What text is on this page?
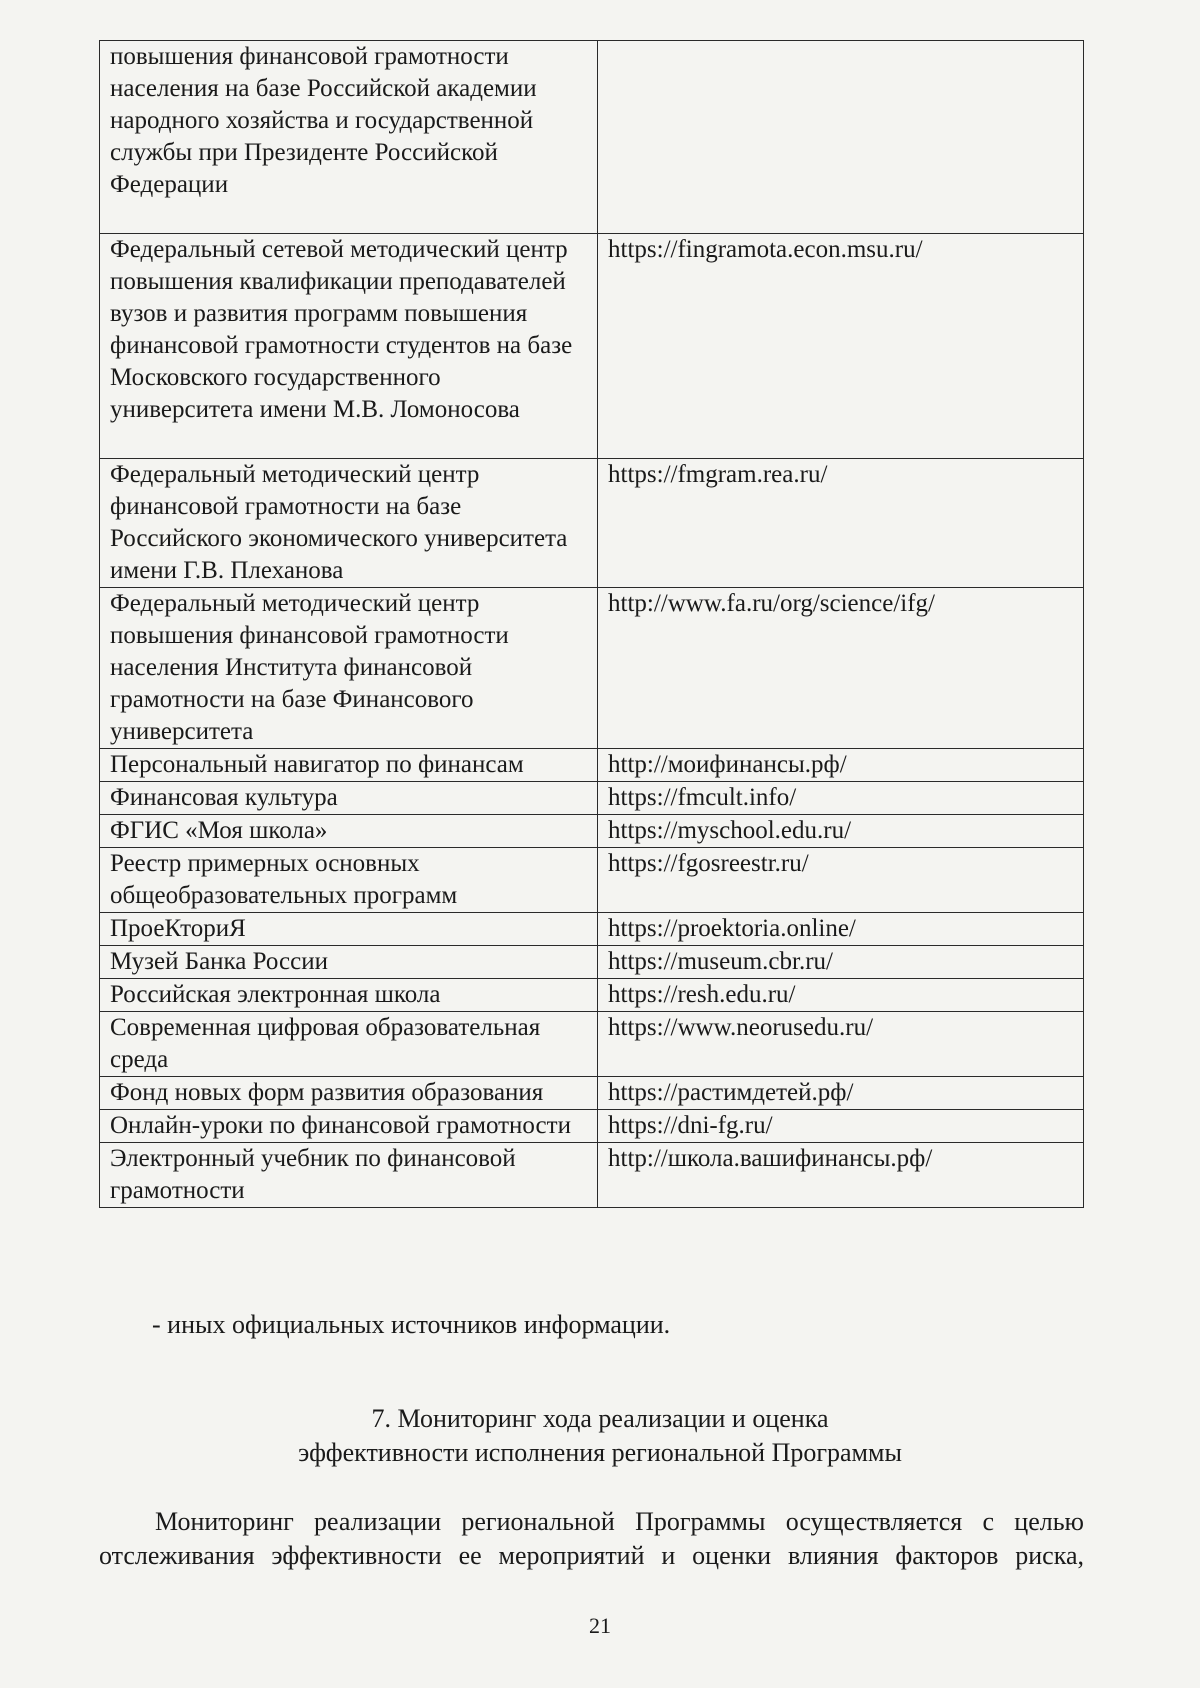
повышения финансовой грамотности населения на базе Российской академии народного хозяйства и государственной службы при Президенте Российской Федерации	
Федеральный сетевой методический центр повышения квалификации преподавателей вузов и развития программ повышения финансовой грамотности студентов на базе Московского государственного университета имени М.В. Ломоносова	https://fingramota.econ.msu.ru/
Федеральный методический центр финансовой грамотности на базе Российского экономического университета имени Г.В. Плеханова	https://fmgram.rea.ru/
Федеральный методический центр повышения финансовой грамотности населения Института финансовой грамотности на базе Финансового университета	http://www.fa.ru/org/science/ifg/
Персональный навигатор по финансам	http://моифинансы.рф/
Финансовая культура	https://fmcult.info/
ФГИС «Моя школа»	https://myschool.edu.ru/
Реестр примерных основных общеобразовательных программ	https://fgosreestr.ru/
ПроеКториЯ	https://proektoria.online/
Музей Банка России	https://museum.cbr.ru/
Российская электронная школа	https://resh.edu.ru/
Современная цифровая образовательная среда	https://www.neorusedu.ru/
Фонд новых форм развития образования	https://растимдетей.рф/
Онлайн-уроки по финансовой грамотности	https://dni-fg.ru/
Электронный учебник по финансовой грамотности	http://школа.вашифинансы.рф/

- иных официальных источников информации.

7. Мониторинг хода реализации и оценка
эффективности исполнения региональной Программы

Мониторинг реализации региональной Программы осуществляется с целью
отслеживания эффективности ее мероприятий и оценки влияния факторов риска,

21
